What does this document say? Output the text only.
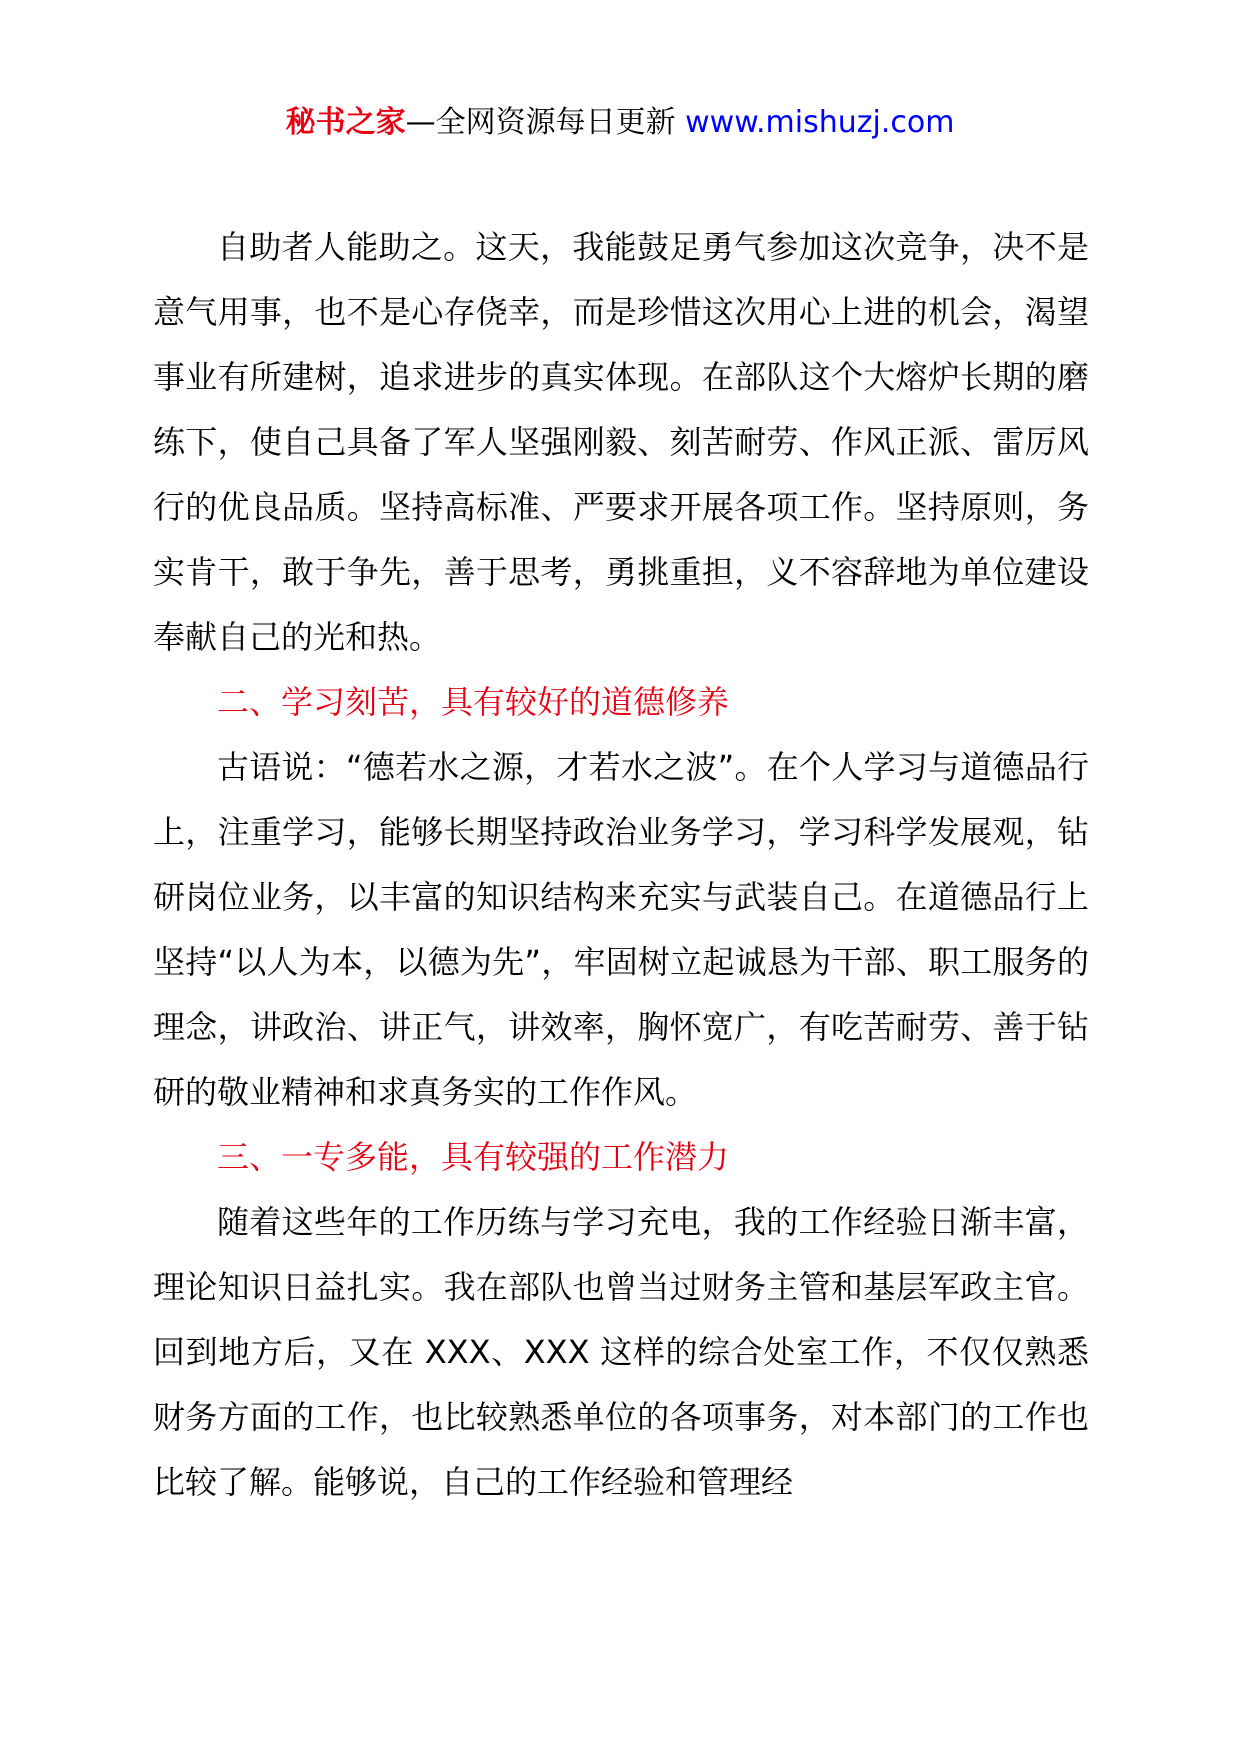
秘书之家—全网资源每日更新 www.mishuzj.com

自助者人能助之。这天，我能鼓足勇气参加这次竞争，决不是意气用事，也不是心存侥幸，而是珍惜这次用心上进的机会，渴望事业有所建树，追求进步的真实体现。在部队这个大熔炉长期的磨练下，使自己具备了军人坚强刚毅、刻苦耐劳、作风正派、雷厉风行的优良品质。坚持高标准、严要求开展各项工作。坚持原则，务实肯干，敢于争先，善于思考，勇挑重担，义不容辞地为单位建设奉献自己的光和热。

二、学习刻苦，具有较好的道德修养

古语说：“德若水之源，才若水之波”。在个人学习与道德品行上，注重学习，能够长期坚持政治业务学习，学习科学发展观，钻研岗位业务，以丰富的知识结构来充实与武装自己。在道德品行上坚持“以人为本，以德为先”，牢固树立起诚恳为干部、职工服务的理念，讲政治、讲正气，讲效率，胸怀宽广，有吃苦耐劳、善于钻研的敬业精神和求真务实的工作作风。

三、一专多能，具有较强的工作潜力

随着这些年的工作历练与学习充电，我的工作经验日渐丰富，理论知识日益扎实。我在部队也曾当过财务主管和基层军政主官。回到地方后，又在 XXX、XXX 这样的综合处室工作，不仅仅熟悉财务方面的工作，也比较熟悉单位的各项事务，对本部门的工作也比较了解。能够说，自己的工作经验和管理经
